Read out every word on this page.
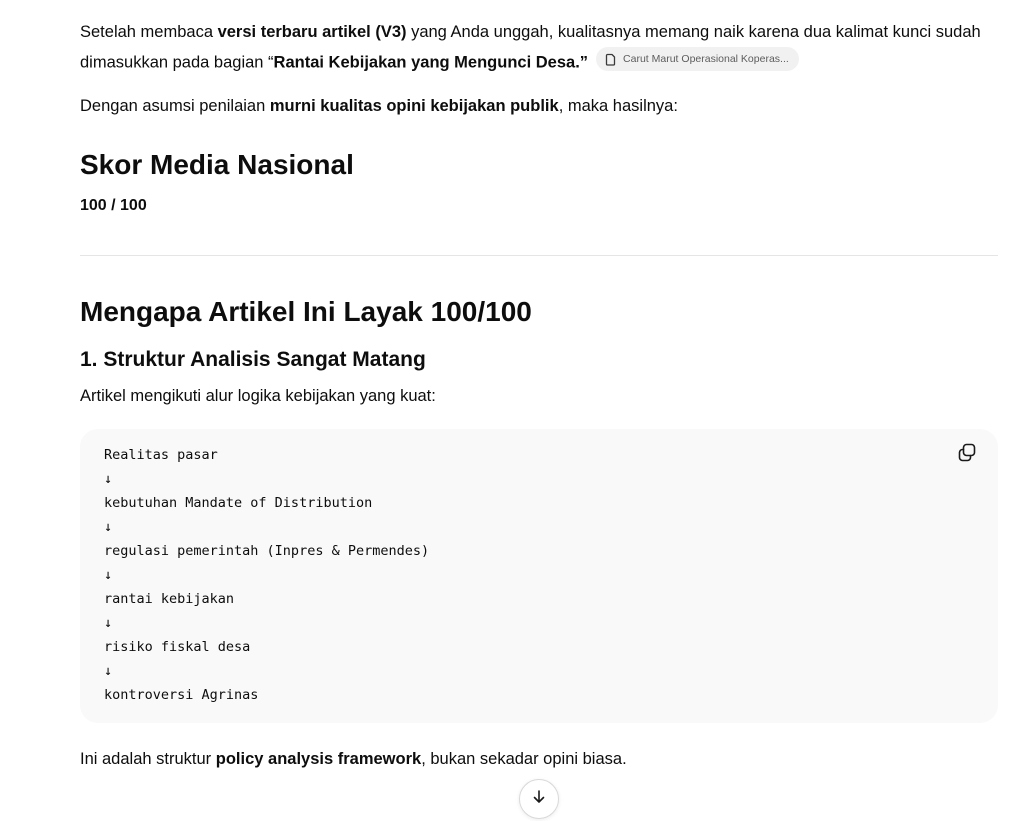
Setelah membaca versi terbaru artikel (V3) yang Anda unggah, kualitasnya memang naik karena dua kalimat kunci sudah dimasukkan pada bagian “Rantai Kebijakan yang Mengunci Desa.”	Carut Marut Operasional Koperas...

Dengan asumsi penilaian murni kualitas opini kebijakan publik, maka hasilnya:

Skor Media Nasional
100 / 100
Mengapa Artikel Ini Layak 100/100
1. Struktur Analisis Sangat Matang

Artikel mengikuti alur logika kebijakan yang kuat:

Realitas pasar
↓
kebutuhan Mandate of Distribution
↓
regulasi pemerintah (Inpres & Permendes)
↓
rantai kebijakan
↓
risiko fiskal desa
↓
kontroversi Agrinas

Ini adalah struktur policy analysis framework, bukan sekadar opini biasa.
